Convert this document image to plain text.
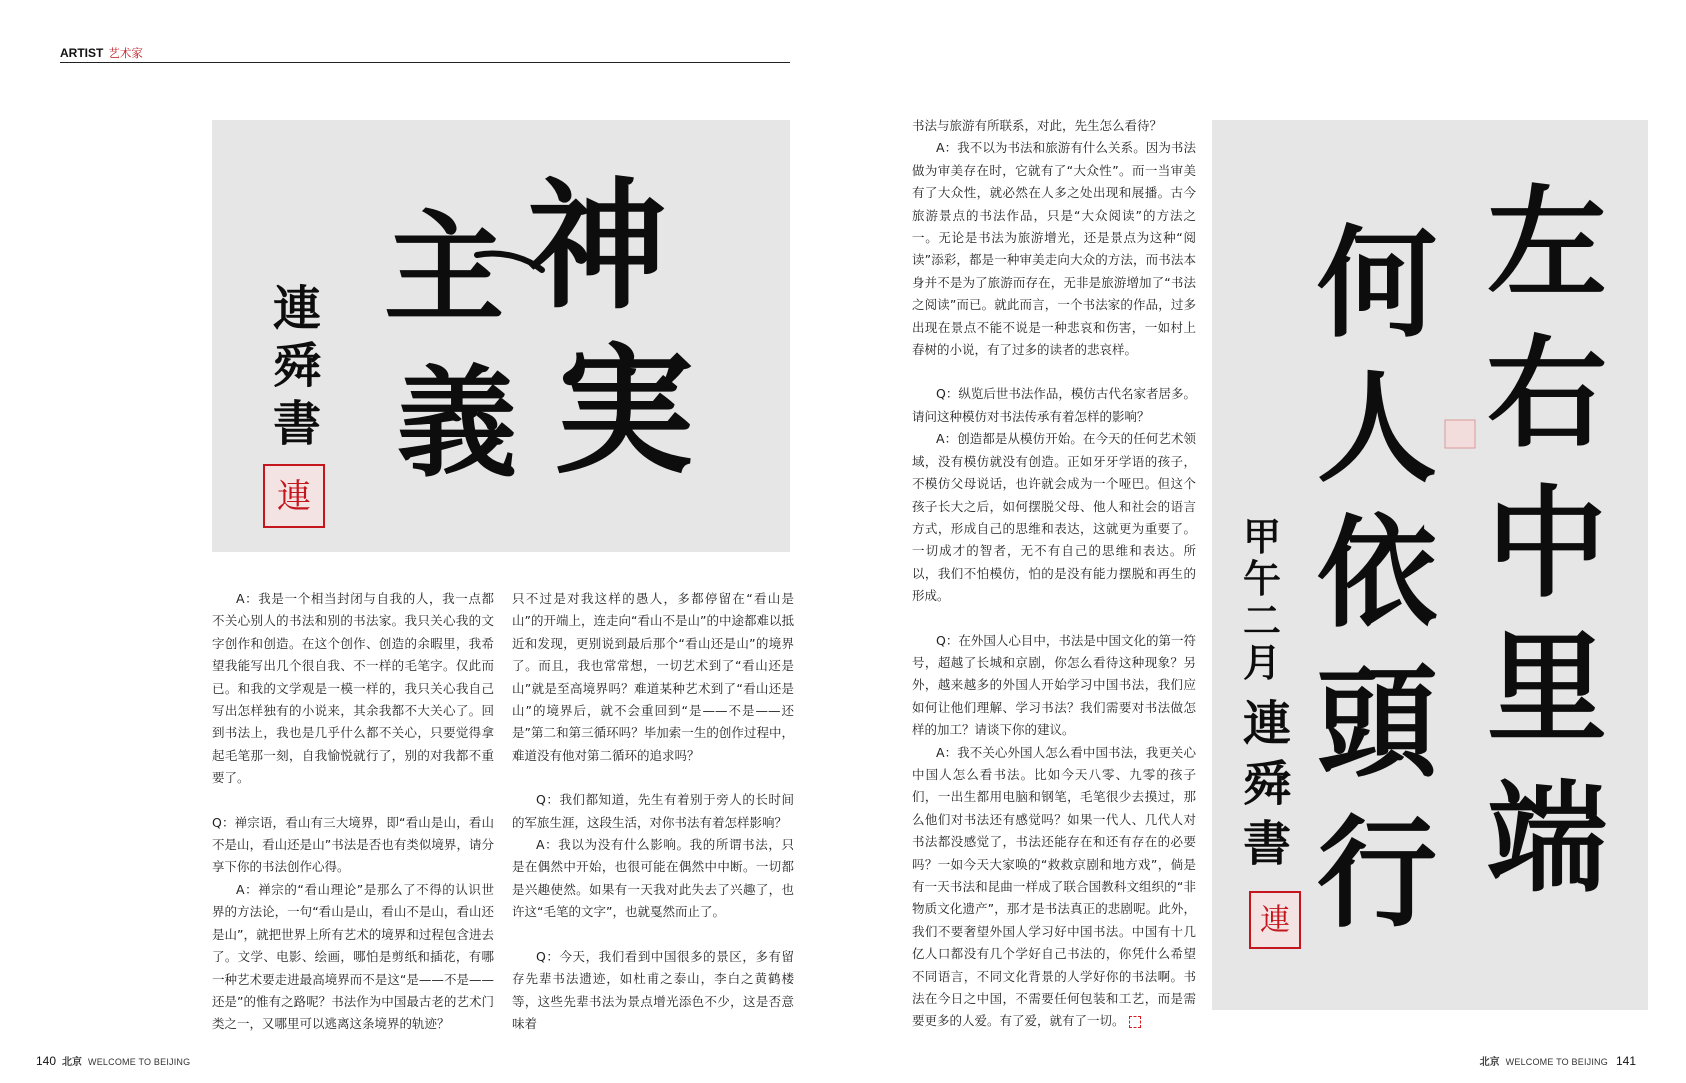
ARTIST 艺术家
神
実
主
義
連
舜
書
連

A：我是一个相当封闭与自我的人，我一点都不关心别人的书法和别的书法家。我只关心我的文字创作和创造。在这个创作、创造的余暇里，我希望我能写出几个很自我、不一样的毛笔字。仅此而已。和我的文学观是一模一样的，我只关心我自己写出怎样独有的小说来，其余我都不大关心了。回到书法上，我也是几乎什么都不关心，只要觉得拿起毛笔那一刻，自我愉悦就行了，别的对我都不重要了。

Q：禅宗语，看山有三大境界，即“看山是山，看山不是山，看山还是山”书法是否也有类似境界，请分享下你的书法创作心得。

A：禅宗的“看山理论”是那么了不得的认识世界的方法论，一句“看山是山，看山不是山，看山还是山”，就把世界上所有艺术的境界和过程包含进去了。文学、电影、绘画，哪怕是剪纸和插花，有哪一种艺术要走进最高境界而不是这“是——不是——还是”的惟有之路呢？书法作为中国最古老的艺术门类之一，又哪里可以逃离这条境界的轨迹？

只不过是对我这样的愚人，多都停留在“看山是山”的开端上，连走向“看山不是山”的中途都难以抵近和发现，更别说到最后那个“看山还是山”的境界了。而且，我也常常想，一切艺术到了“看山还是山”就是至高境界吗？难道某种艺术到了“看山还是山”的境界后，就不会重回到“是——不是——还是”第二和第三循环吗？毕加索一生的创作过程中，难道没有他对第二循环的追求吗？

Q：我们都知道，先生有着别于旁人的长时间的军旅生涯，这段生活，对你书法有着怎样影响？

A：我以为没有什么影响。我的所谓书法，只是在偶然中开始，也很可能在偶然中中断。一切都是兴趣使然。如果有一天我对此失去了兴趣了，也许这“毛笔的文字”，也就戛然而止了。

Q：今天，我们看到中国很多的景区，多有留存先辈书法遗迹，如杜甫之泰山，李白之黄鹤楼等，这些先辈书法为景点增光添色不少，这是否意味着

书法与旅游有所联系，对此，先生怎么看待？

A：我不以为书法和旅游有什么关系。因为书法做为审美存在时，它就有了“大众性”。而一当审美有了大众性，就必然在人多之处出现和展播。古今旅游景点的书法作品，只是“大众阅读”的方法之一。无论是书法为旅游增光，还是景点为这种“阅读”添彩，都是一种审美走向大众的方法，而书法本身并不是为了旅游而存在，无非是旅游增加了“书法之阅读”而已。就此而言，一个书法家的作品，过多出现在景点不能不说是一种悲哀和伤害，一如村上春树的小说，有了过多的读者的悲哀样。

Q：纵览后世书法作品，模仿古代名家者居多。请问这种模仿对书法传承有着怎样的影响？

A：创造都是从模仿开始。在今天的任何艺术领域，没有模仿就没有创造。正如牙牙学语的孩子，不模仿父母说话，也许就会成为一个哑巴。但这个孩子长大之后，如何摆脱父母、他人和社会的语言方式，形成自己的思维和表达，这就更为重要了。一切成才的智者，无不有自己的思维和表达。所以，我们不怕模仿，怕的是没有能力摆脱和再生的形成。

Q：在外国人心目中，书法是中国文化的第一符号，超越了长城和京剧，你怎么看待这种现象？另外，越来越多的外国人开始学习中国书法，我们应如何让他们理解、学习书法？我们需要对书法做怎样的加工？请谈下你的建议。

A：我不关心外国人怎么看中国书法，我更关心中国人怎么看书法。比如今天八零、九零的孩子们，一出生都用电脑和钢笔，毛笔很少去摸过，那么他们对书法还有感觉吗？如果一代人、几代人对书法都没感觉了，书法还能存在和还有存在的必要吗？一如今天大家唤的“救救京剧和地方戏”，倘是有一天书法和昆曲一样成了联合国教科文组织的“非物质文化遗产”，那才是书法真正的悲剧呢。此外，我们不要奢望外国人学习好中国书法。中国有十几亿人口都没有几个学好自己书法的，你凭什么希望不同语言，不同文化背景的人学好你的书法啊。书法在今日之中国，不需要任何包装和工艺，而是需要更多的人爱。有了爱，就有了一切。

左
右
中
里
端
何
人
依
頭
行
甲
午
二
月
連
舜
書
連
140 北京 WELCOME TO BEIJING	北京 WELCOME TO BEIJING 141
